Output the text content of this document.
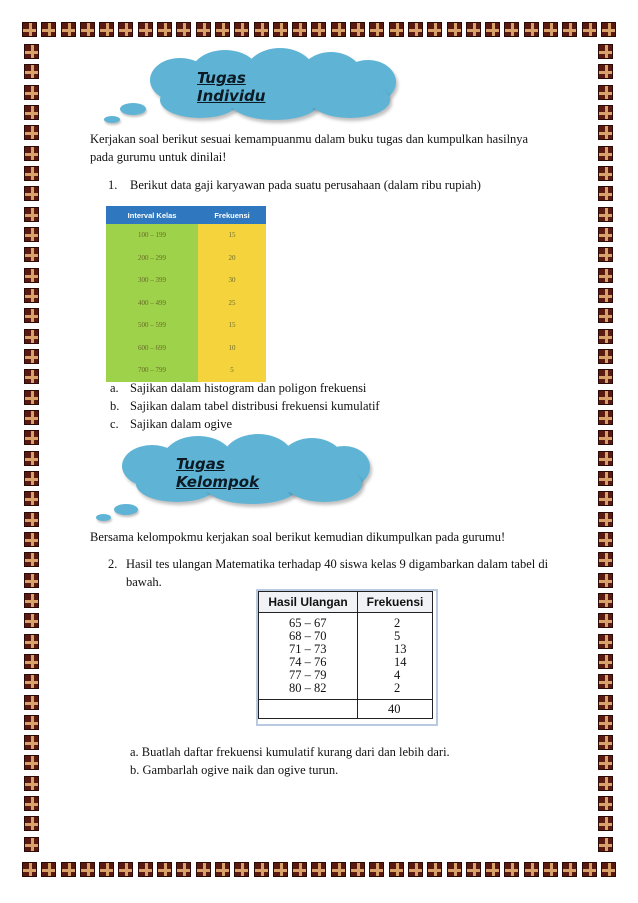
Tugas Individu
Kerjakan soal berikut sesuai kemampuanmu dalam buku tugas dan kumpulkan hasilnya
pada gurumu untuk dinilai!
1. Berikut data gaji karyawan pada suatu perusahaan (dalam ribu rupiah)
Interval Kelas	Frekuensi
100 – 199	15
200 – 299	20
300 – 399	30
400 – 499	25
500 – 599	15
600 – 699	10
700 – 799	5
a. Sajikan dalam histogram dan poligon frekuensi
b. Sajikan dalam tabel distribusi frekuensi kumulatif
c. Sajikan dalam ogive
Tugas Kelompok
Bersama kelompokmu kerjakan soal berikut kemudian dikumpulkan pada gurumu!
2. Hasil tes ulangan Matematika terhadap 40 siswa kelas 9 digambarkan dalam tabel di
bawah.
Hasil Ulangan	Frekuensi
65 – 67	2
68 – 70	5
71 – 73	13
74 – 76	14
77 – 79	4
80 – 82	2
	40
a. Buatlah daftar frekuensi kumulatif kurang dari dan lebih dari.
b. Gambarlah ogive naik dan ogive turun.
